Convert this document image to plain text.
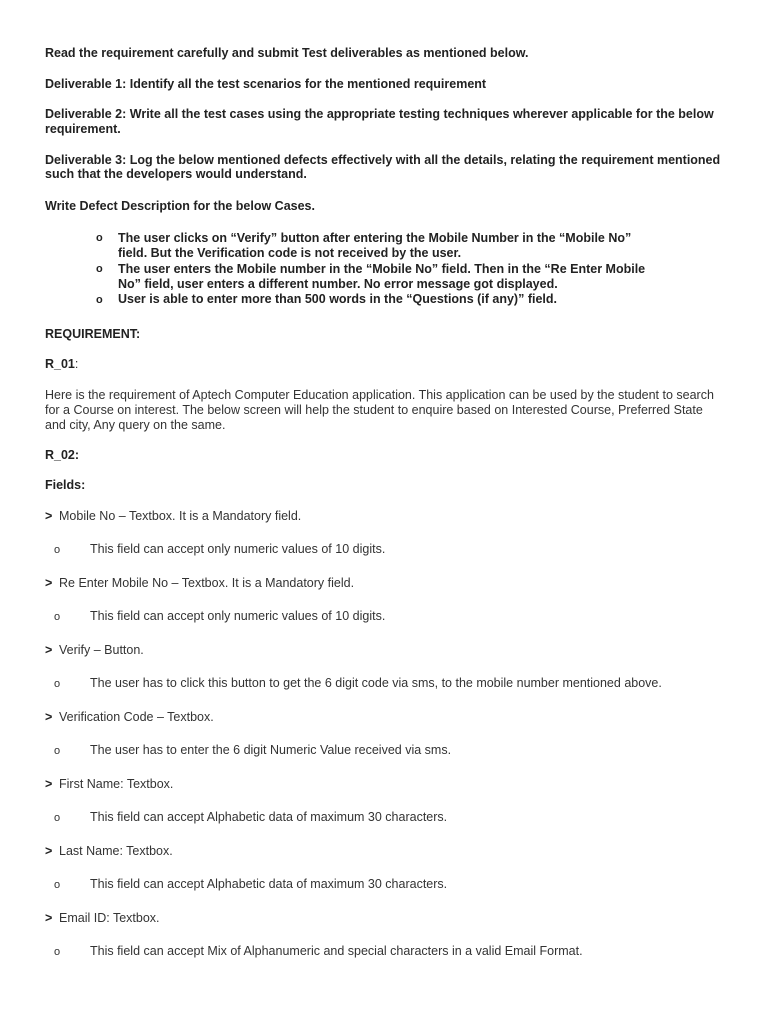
Read the requirement carefully and submit Test deliverables as mentioned below.
Deliverable 1: Identify all the test scenarios for the mentioned requirement
Deliverable 2: Write all the test cases using the appropriate testing techniques wherever applicable for the below
requirement.
Deliverable 3: Log the below mentioned defects effectively with all the details, relating the requirement mentioned
such that the developers would understand.
Write Defect Description for the below Cases.
o The user clicks on “Verify” button after entering the Mobile Number in the “Mobile No”
field. But the Verification code is not received by the user.
o The user enters the Mobile number in the “Mobile No” field. Then in the “Re Enter Mobile
No” field, user enters a different number. No error message got displayed.
o User is able to enter more than 500 words in the “Questions (if any)” field.
REQUIREMENT:
R_01:
Here is the requirement of Aptech Computer Education application. This application can be used by the student to search
for a Course on interest. The below screen will help the student to enquire based on Interested Course, Preferred State
and city, Any query on the same.
R_02:
Fields:
> Mobile No – Textbox. It is a Mandatory field.
o This field can accept only numeric values of 10 digits.
> Re Enter Mobile No – Textbox. It is a Mandatory field.
o This field can accept only numeric values of 10 digits.
> Verify – Button.
o The user has to click this button to get the 6 digit code via sms, to the mobile number mentioned above.
> Verification Code – Textbox.
o The user has to enter the 6 digit Numeric Value received via sms.
> First Name: Textbox.
o This field can accept Alphabetic data of maximum 30 characters.
> Last Name: Textbox.
o This field can accept Alphabetic data of maximum 30 characters.
> Email ID: Textbox.
o This field can accept Mix of Alphanumeric and special characters in a valid Email Format.
